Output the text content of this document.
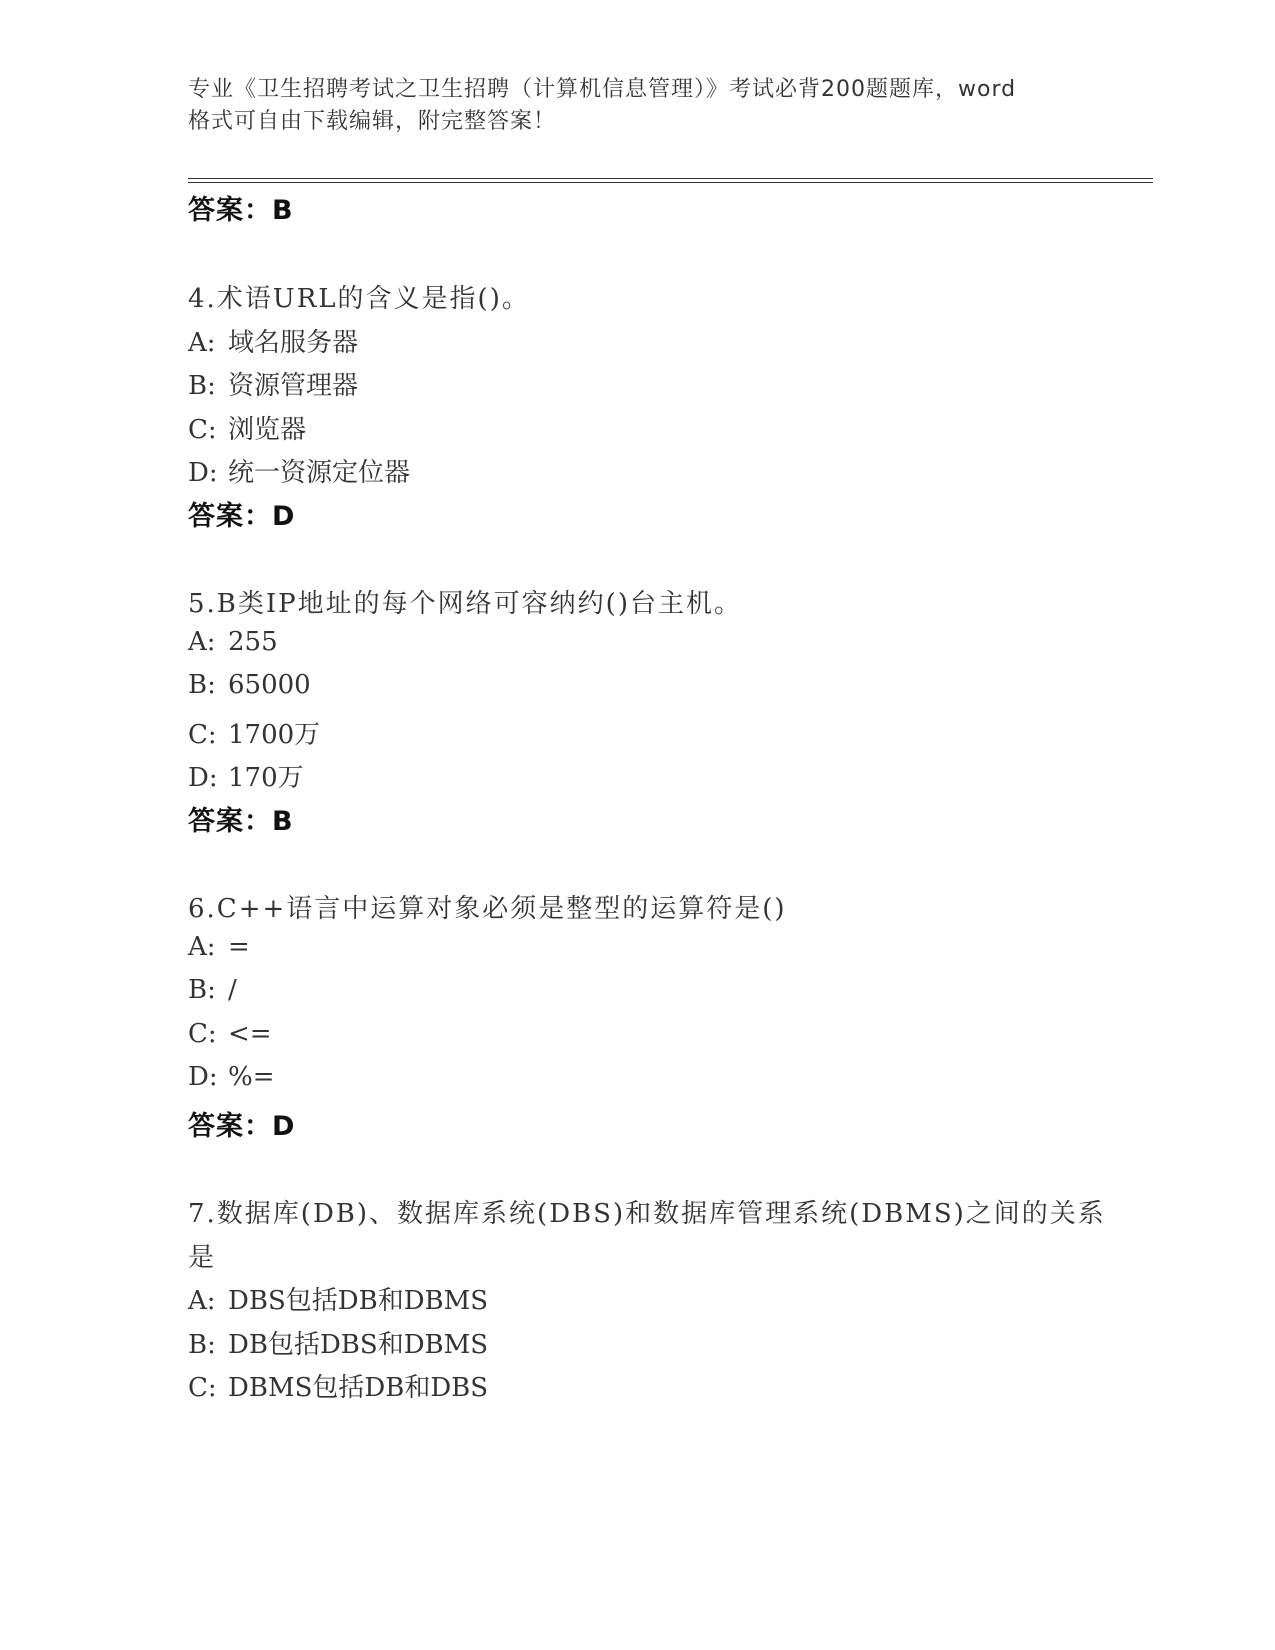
专业《卫生招聘考试之卫生招聘（计算机信息管理）》考试必背200题题库，word
格式可自由下载编辑，附完整答案！
答案：B
4.术语URL的含义是指()。
A: 域名服务器
B: 资源管理器
C: 浏览器
D: 统一资源定位器
答案：D
5.B类IP地址的每个网络可容纳约()台主机。
A: 255
B: 65000
C: 1700万
D: 170万
答案：B
6.C++语言中运算对象必须是整型的运算符是()
A: =
B: /
C: <=
D: %=
答案：D
7.数据库(DB)、数据库系统(DBS)和数据库管理系统(DBMS)之间的关系
是
A: DBS包括DB和DBMS
B: DB包括DBS和DBMS
C: DBMS包括DB和DBS
